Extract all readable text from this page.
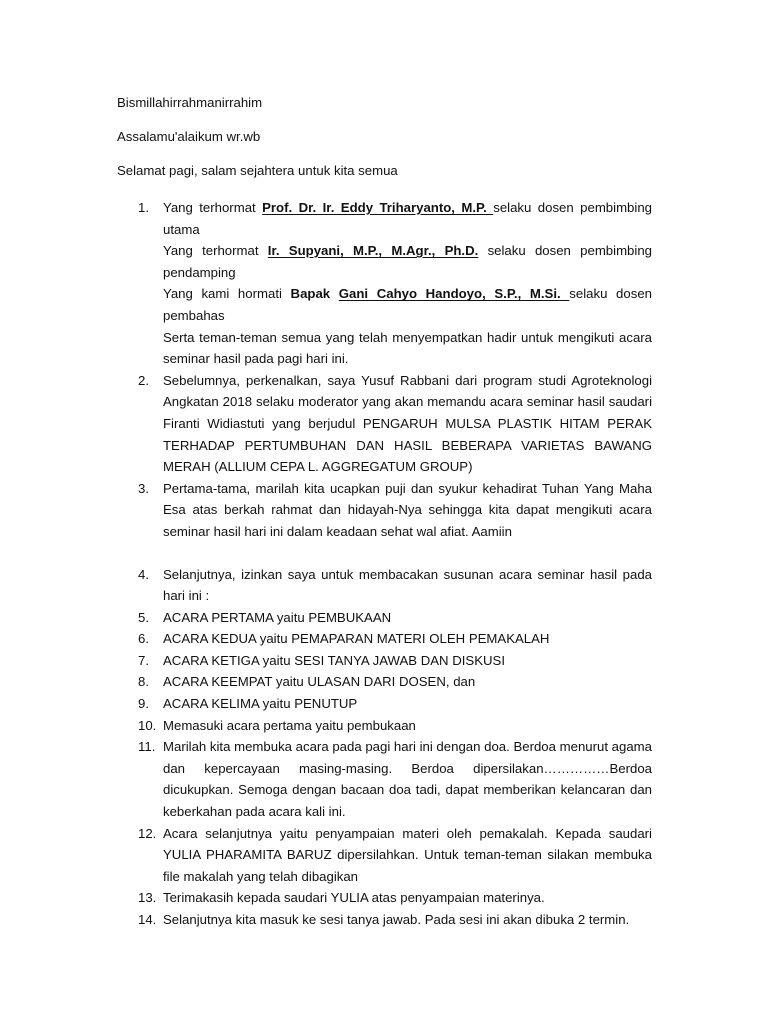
Bismillahirrahmanirrahim
Assalamu'alaikum wr.wb
Selamat pagi, salam sejahtera untuk kita semua
1. Yang terhormat Prof. Dr. Ir. Eddy Triharyanto, M.P. selaku dosen pembimbing utama
Yang terhormat Ir. Supyani, M.P., M.Agr., Ph.D. selaku dosen pembimbing pendamping
Yang kami hormati Bapak Gani Cahyo Handoyo, S.P., M.Si. selaku dosen pembahas
Serta teman-teman semua yang telah menyempatkan hadir untuk mengikuti acara seminar hasil pada pagi hari ini.
2. Sebelumnya, perkenalkan, saya Yusuf Rabbani dari program studi Agroteknologi Angkatan 2018 selaku moderator yang akan memandu acara seminar hasil saudari Firanti Widiastuti yang berjudul PENGARUH MULSA PLASTIK HITAM PERAK TERHADAP PERTUMBUHAN DAN HASIL BEBERAPA VARIETAS BAWANG MERAH (ALLIUM CEPA L. AGGREGATUM GROUP)
3. Pertama-tama, marilah kita ucapkan puji dan syukur kehadirat Tuhan Yang Maha Esa atas berkah rahmat dan hidayah-Nya sehingga kita dapat mengikuti acara seminar hasil hari ini dalam keadaan sehat wal afiat. Aamiin
4. Selanjutnya, izinkan saya untuk membacakan susunan acara seminar hasil pada hari ini :
5. ACARA PERTAMA yaitu PEMBUKAAN
6. ACARA KEDUA yaitu PEMAPARAN MATERI OLEH PEMAKALAH
7. ACARA KETIGA yaitu SESI TANYA JAWAB DAN DISKUSI
8. ACARA KEEMPAT yaitu ULASAN DARI DOSEN, dan
9. ACARA KELIMA yaitu PENUTUP
10. Memasuki acara pertama yaitu pembukaan
11. Marilah kita membuka acara pada pagi hari ini dengan doa. Berdoa menurut agama dan kepercayaan masing-masing. Berdoa dipersilakan……………Berdoa dicukupkan. Semoga dengan bacaan doa tadi, dapat memberikan kelancaran dan keberkahan pada acara kali ini.
12. Acara selanjutnya yaitu penyampaian materi oleh pemakalah. Kepada saudari YULIA PHARAMITA BARUZ dipersilahkan. Untuk teman-teman silakan membuka file makalah yang telah dibagikan
13. Terimakasih kepada saudari YULIA atas penyampaian materinya.
14. Selanjutnya kita masuk ke sesi tanya jawab. Pada sesi ini akan dibuka 2 termin.
